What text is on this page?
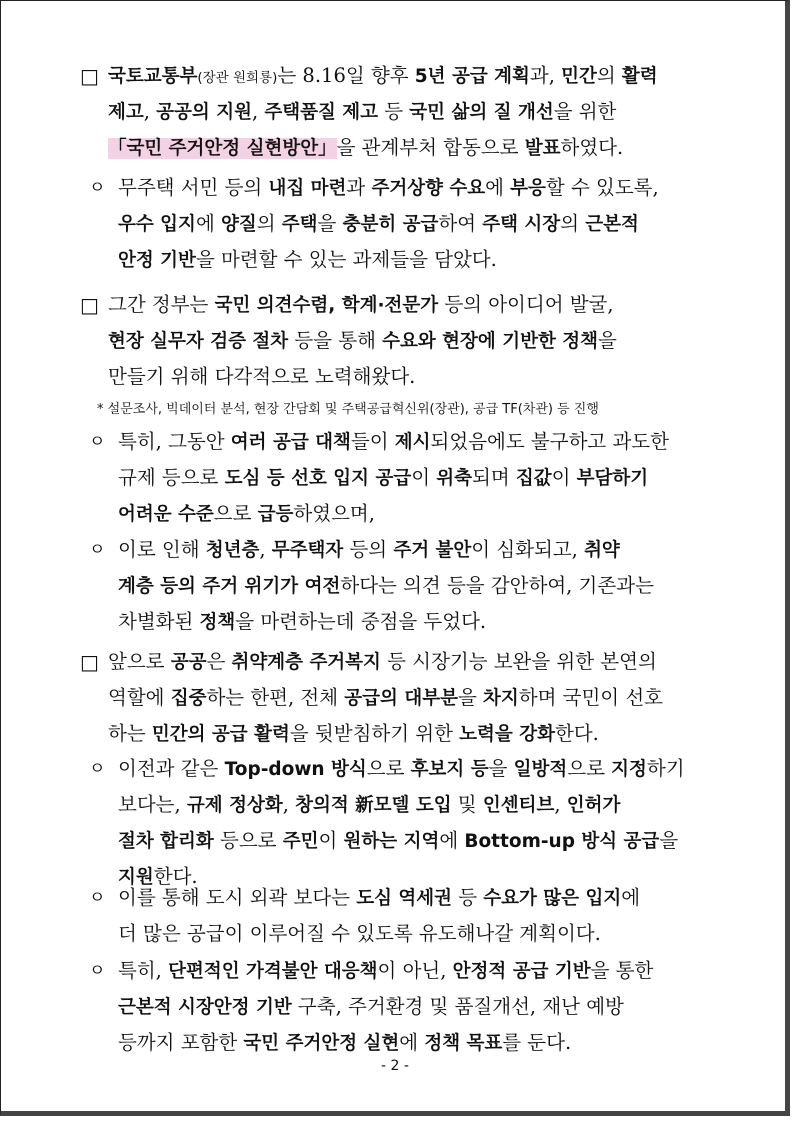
□ 국토교통부(장관 원희룡)는 8.16일 향후 5년 공급 계획과, 민간의 활력
제고, 공공의 지원, 주택품질 제고 등 국민 삶의 질 개선을 위한
「국민 주거안정 실현방안」을 관계부처 합동으로 발표하였다.
ㅇ 무주택 서민 등의 내집 마련과 주거상향 수요에 부응할 수 있도록,
우수 입지에 양질의 주택을 충분히 공급하여 주택 시장의 근본적
안정 기반을 마련할 수 있는 과제들을 담았다.
□ 그간 정부는 국민 의견수렴, 학계·전문가 등의 아이디어 발굴,
현장 실무자 검증 절차 등을 통해 수요와 현장에 기반한 정책을
만들기 위해 다각적으로 노력해왔다.
* 설문조사, 빅데이터 분석, 현장 간담회 및 주택공급혁신위(장관), 공급 TF(차관) 등 진행
ㅇ 특히, 그동안 여러 공급 대책들이 제시되었음에도 불구하고 과도한
규제 등으로 도심 등 선호 입지 공급이 위축되며 집값이 부담하기
어려운 수준으로 급등하였으며,
ㅇ 이로 인해 청년층, 무주택자 등의 주거 불안이 심화되고, 취약
계층 등의 주거 위기가 여전하다는 의견 등을 감안하여, 기존과는
차별화된 정책을 마련하는데 중점을 두었다.
□ 앞으로 공공은 취약계층 주거복지 등 시장기능 보완을 위한 본연의
역할에 집중하는 한편, 전체 공급의 대부분을 차지하며 국민이 선호
하는 민간의 공급 활력을 뒷받침하기 위한 노력을 강화한다.
ㅇ 이전과 같은 Top-down 방식으로 후보지 등을 일방적으로 지정하기
보다는, 규제 정상화, 창의적 新모델 도입 및 인센티브, 인허가
절차 합리화 등으로 주민이 원하는 지역에 Bottom-up 방식 공급을
지원한다.
ㅇ 이를 통해 도시 외곽 보다는 도심 역세권 등 수요가 많은 입지에
더 많은 공급이 이루어질 수 있도록 유도해나갈 계획이다.
ㅇ 특히, 단편적인 가격불안 대응책이 아닌, 안정적 공급 기반을 통한
근본적 시장안정 기반 구축, 주거환경 및 품질개선, 재난 예방
등까지 포함한 국민 주거안정 실현에 정책 목표를 둔다.
- 2 -
